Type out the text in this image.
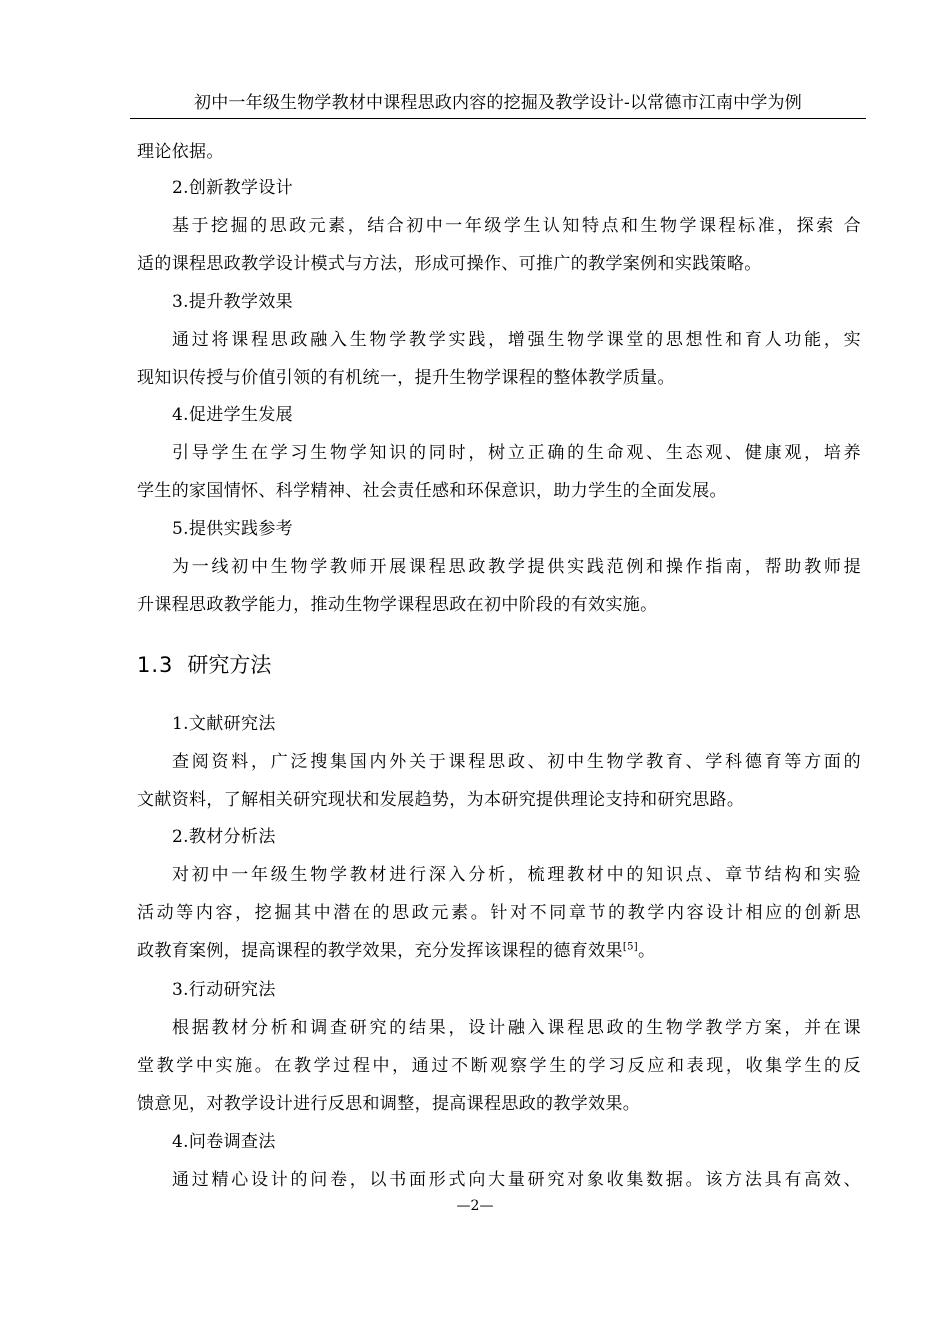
初中一年级生物学教材中课程思政内容的挖掘及教学设计-以常德市江南中学为例
理论依据。
2.创新教学设计
基于挖掘的思政元素，结合初中一年级学生认知特点和生物学课程标准，探索 合
适的课程思政教学设计模式与方法，形成可操作、可推广的教学案例和实践策略。
3.提升教学效果
通过将课程思政融入生物学教学实践，增强生物学课堂的思想性和育人功能，实
现知识传授与价值引领的有机统一，提升生物学课程的整体教学质量。
4.促进学生发展
引导学生在学习生物学知识的同时，树立正确的生命观、生态观、健康观，培养
学生的家国情怀、科学精神、社会责任感和环保意识，助力学生的全面发展。
5.提供实践参考
为一线初中生物学教师开展课程思政教学提供实践范例和操作指南，帮助教师提
升课程思政教学能力，推动生物学课程思政在初中阶段的有效实施。
1.3 研究方法
1.文献研究法
查阅资料，广泛搜集国内外关于课程思政、初中生物学教育、学科德育等方面的
文献资料，了解相关研究现状和发展趋势，为本研究提供理论支持和研究思路。
2.教材分析法
对初中一年级生物学教材进行深入分析，梳理教材中的知识点、章节结构和实验
活动等内容，挖掘其中潜在的思政元素。针对不同章节的教学内容设计相应的创新思
政教育案例，提高课程的教学效果，充分发挥该课程的德育效果[5]。
3.行动研究法
根据教材分析和调查研究的结果，设计融入课程思政的生物学教学方案，并在课
堂教学中实施。在教学过程中，通过不断观察学生的学习反应和表现，收集学生的反
馈意见，对教学设计进行反思和调整，提高课程思政的教学效果。
4.问卷调查法
通过精心设计的问卷，以书面形式向大量研究对象收集数据。该方法具有高效、
—2—
